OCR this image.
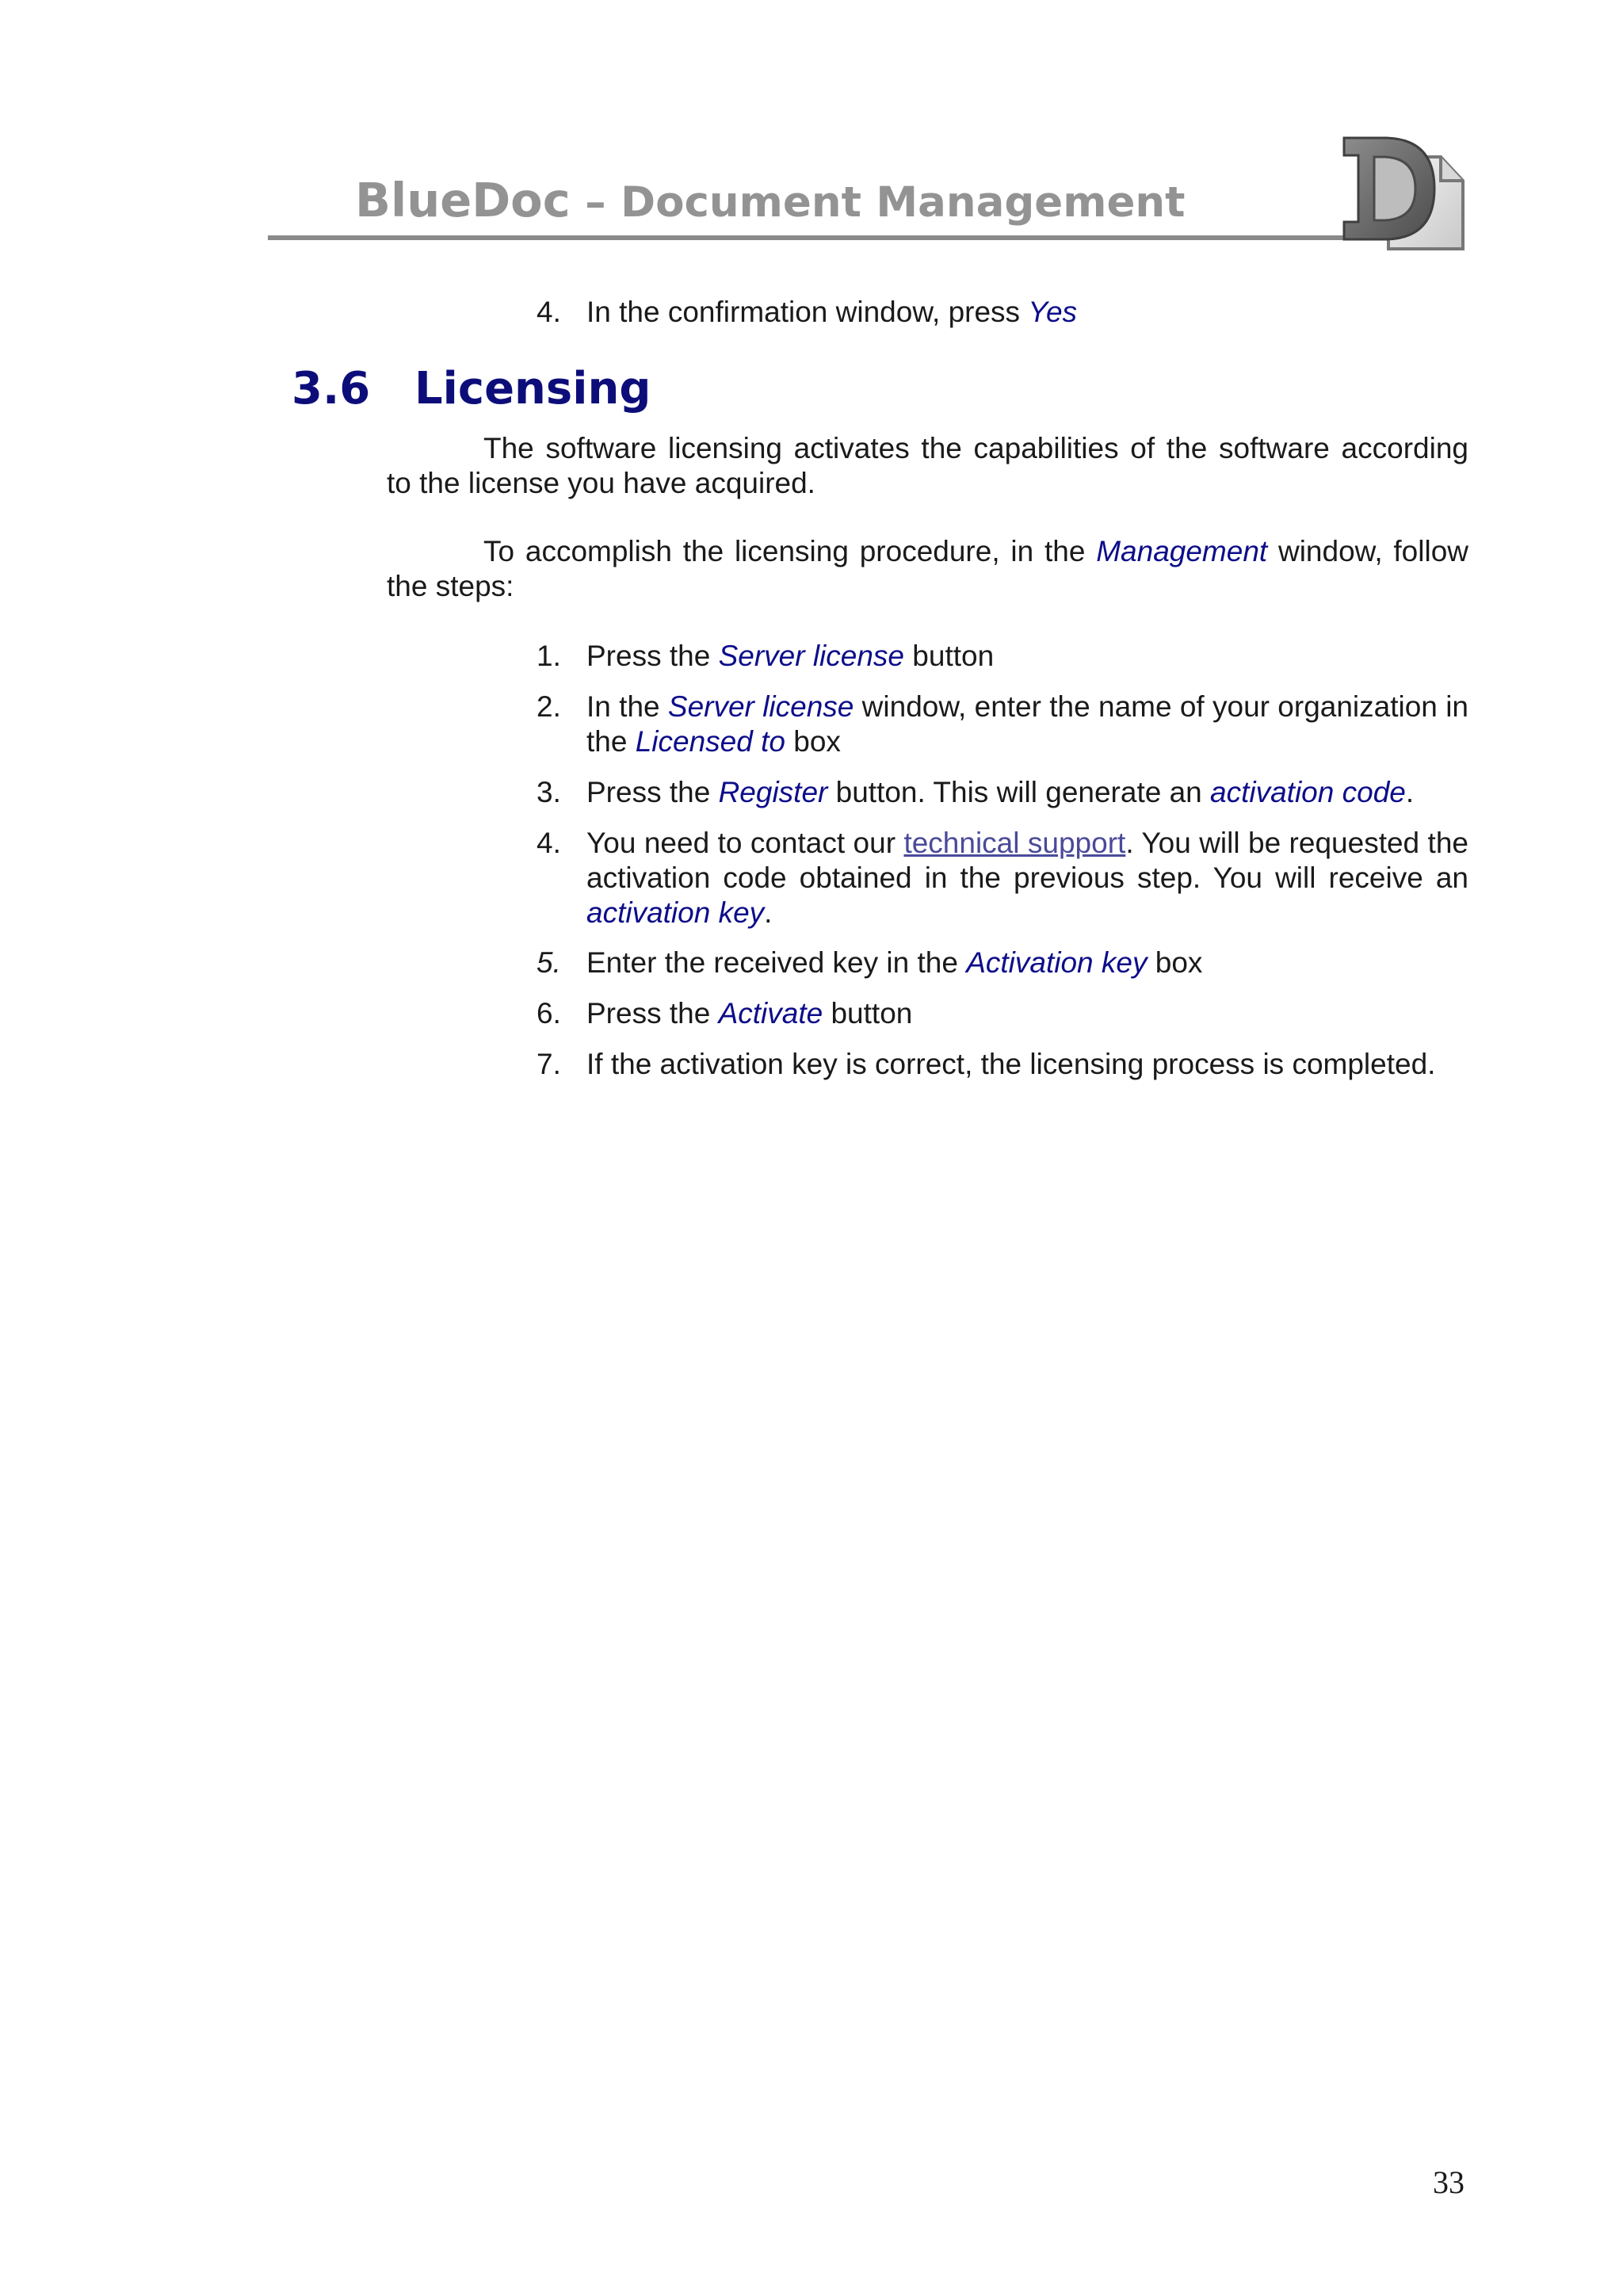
BlueDoc – Document Management
4. In the confirmation window, press Yes
3.6 Licensing
The software licensing activates the capabilities of the software according to the license you have acquired.
To accomplish the licensing procedure, in the Management window, follow the steps:
1. Press the Server license button
2. In the Server license window, enter the name of your organization in the Licensed to box
3. Press the Register button. This will generate an activation code.
4. You need to contact our technical support. You will be requested the activation code obtained in the previous step. You will receive an activation key.
5. Enter the received key in the Activation key box
6. Press the Activate button
7. If the activation key is correct, the licensing process is completed.
33
